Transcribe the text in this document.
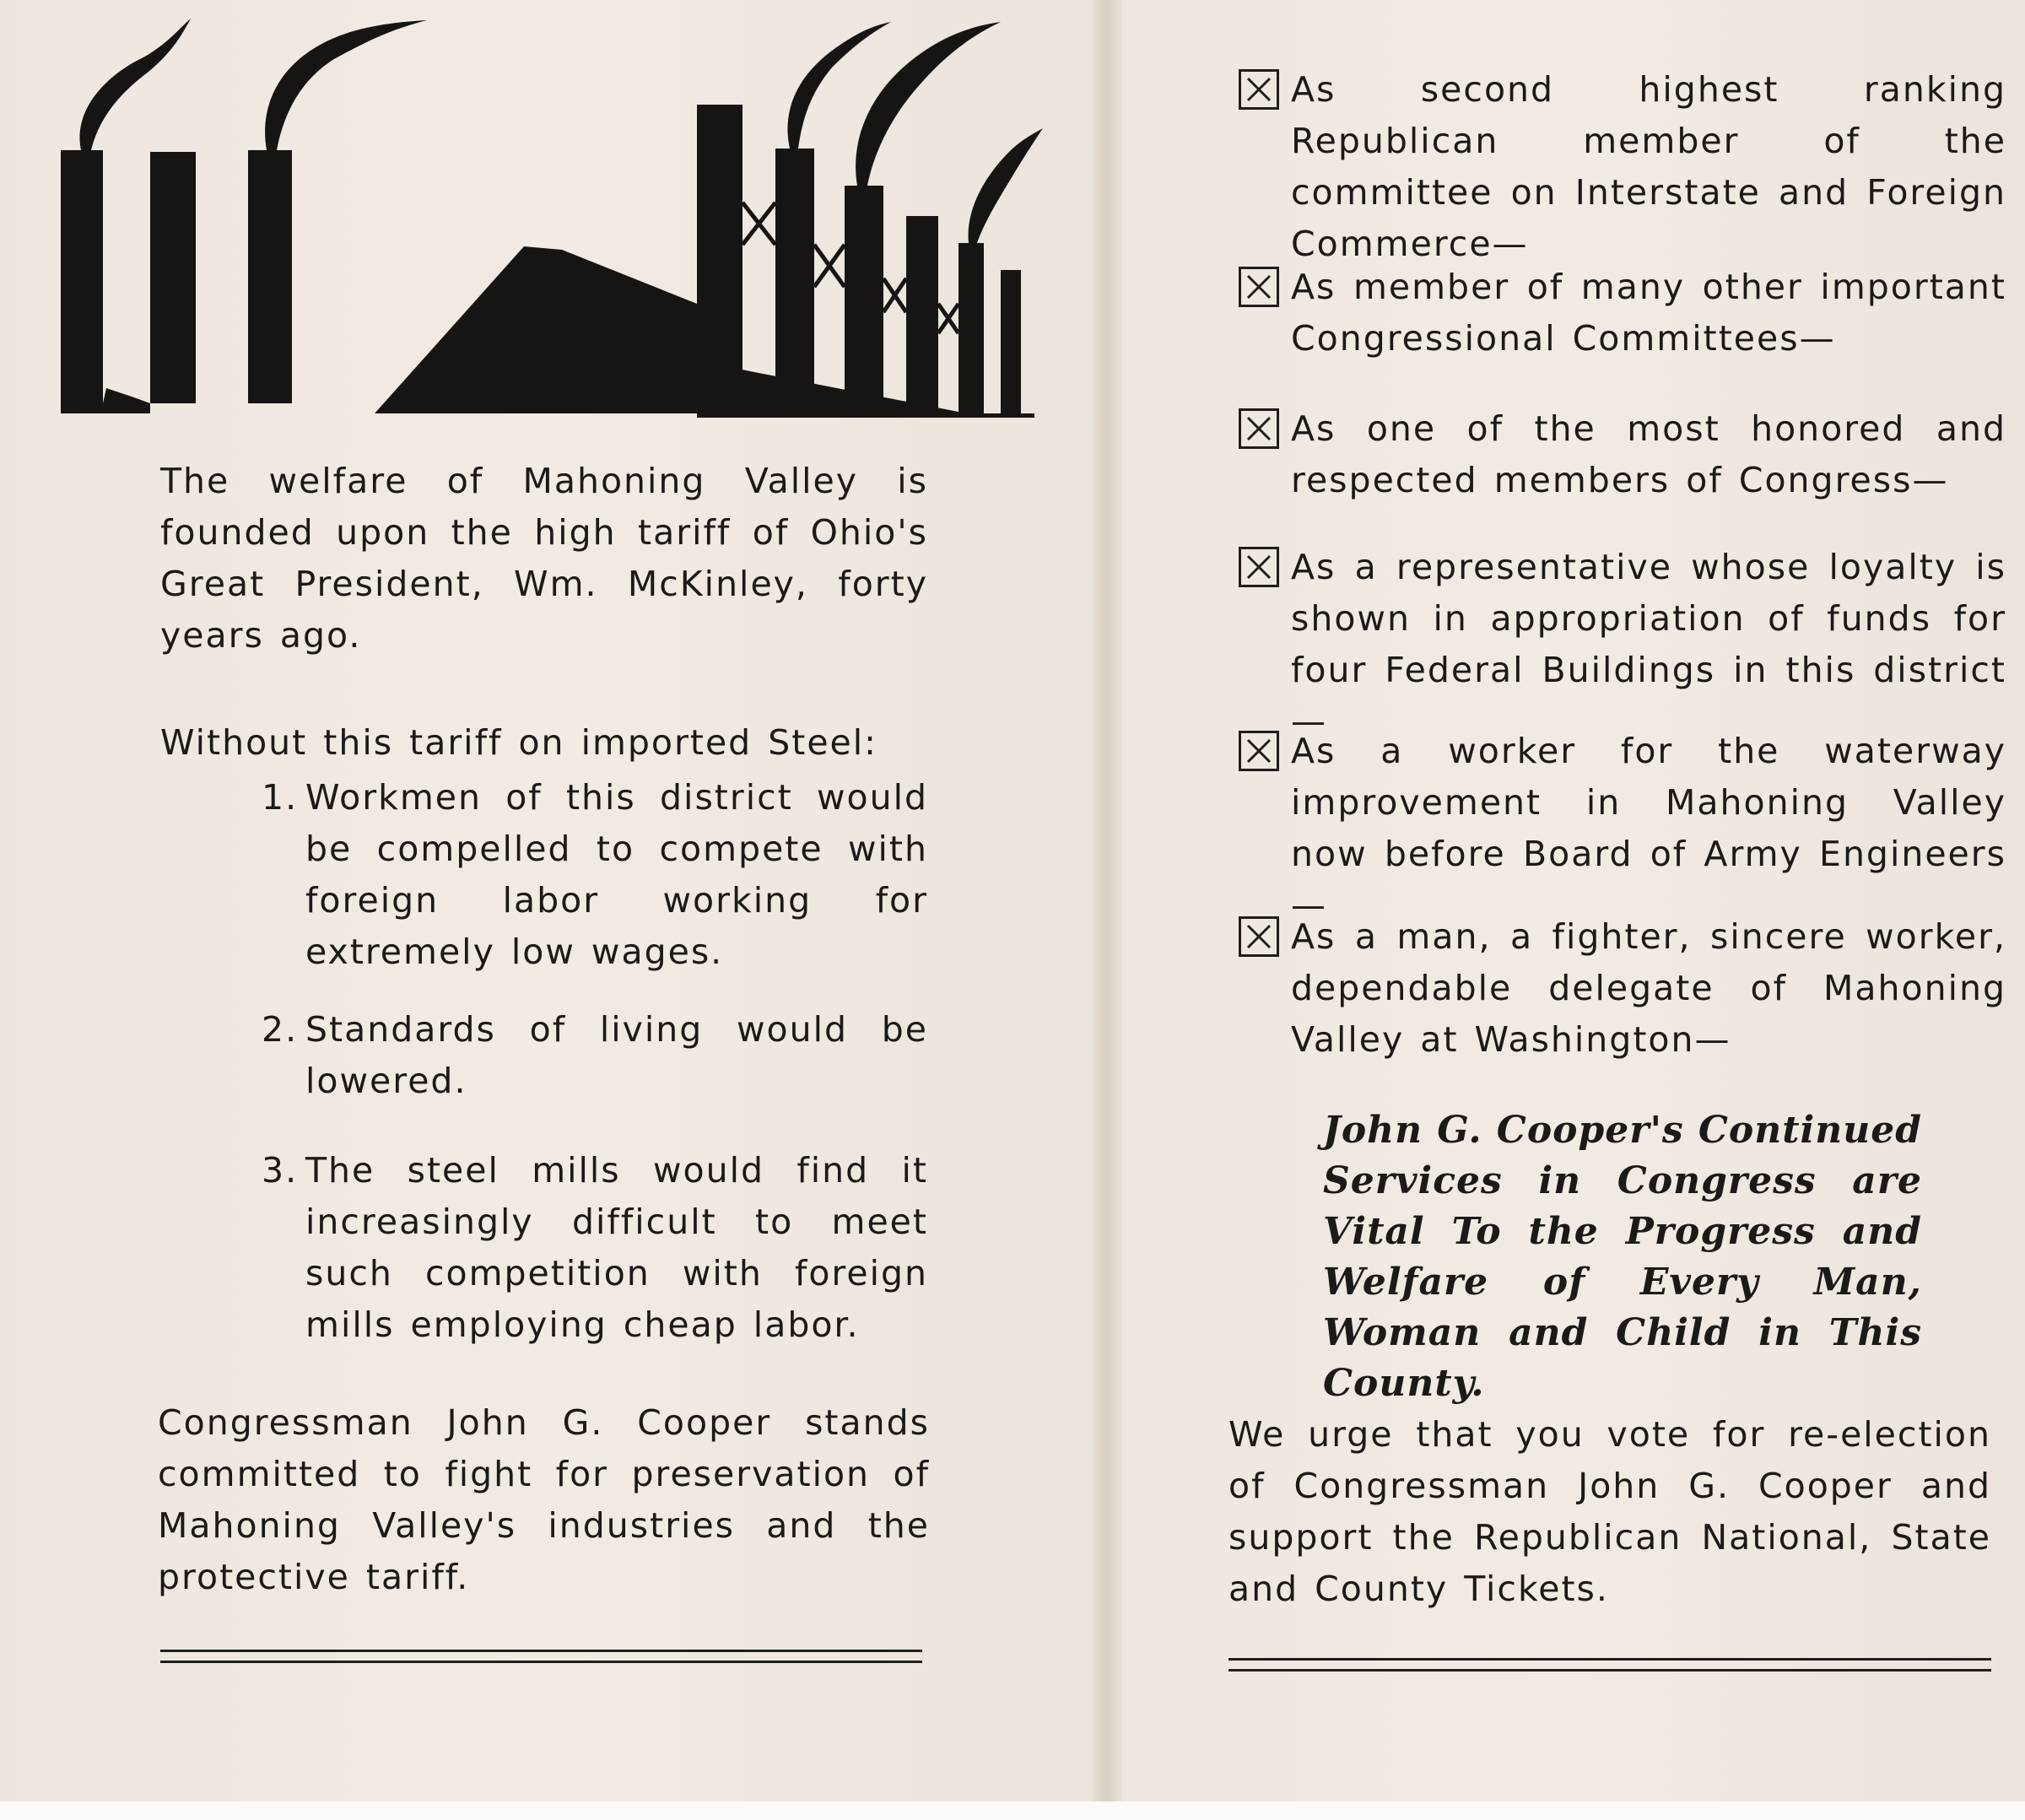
The welfare of Mahoning Valley is founded upon the high tariff of Ohio's Great President, Wm. McKinley, forty years ago.

Without this tariff on imported Steel:

1. Workmen of this district would be compelled to compete with foreign labor working for extremely low wages.
2. Standards of living would be lowered.
3. The steel mills would find it increasingly difficult to meet such competition with foreign mills employing cheap labor.

Congressman John G. Cooper stands committed to fight for preservation of Mahoning Valley's industries and the protective tariff.

As second highest ranking Republican member of the committee on Interstate and Foreign Commerce—
As member of many other important Congressional Committees—
As one of the most honored and respected members of Congress—
As a representative whose loyalty is shown in appropriation of funds for four Federal Buildings in this district—
As a worker for the waterway improvement in Mahoning Valley now before Board of Army Engineers—
As a man, a fighter, sincere worker, dependable delegate of Mahoning Valley at Washington—
John G. Cooper's Continued Services in Congress are Vital To the Progress and Welfare of Every Man, Woman and Child in This County.

We urge that you vote for re-election of Congressman John G. Cooper and support the Republican National, State and County Tickets.
